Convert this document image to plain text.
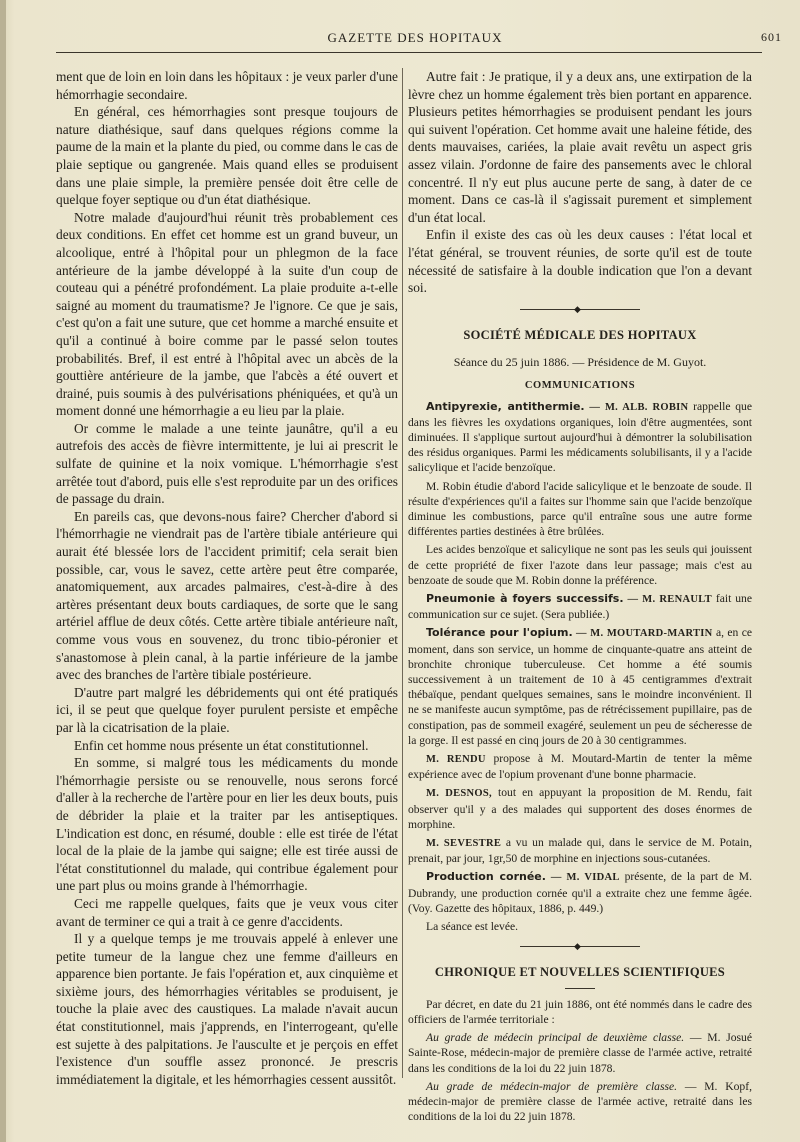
GAZETTE DES HOPITAUX	601

ment que de loin en loin dans les hôpitaux : je veux parler d'une hémorrhagie secondaire.

En général, ces hémorrhagies sont presque toujours de nature diathésique, sauf dans quelques régions comme la paume de la main et la plante du pied, ou comme dans le cas de plaie septique ou gangrenée. Mais quand elles se produisent dans une plaie simple, la première pensée doit être celle de quelque foyer septique ou d'un état diathésique.

Notre malade d'aujourd'hui réunit très probablement ces deux conditions. En effet cet homme est un grand buveur, un alcoolique, entré à l'hôpital pour un phlegmon de la face antérieure de la jambe développé à la suite d'un coup de couteau qui a pénétré profondément. La plaie produite a-t-elle saigné au moment du traumatisme? Je l'ignore. Ce que je sais, c'est qu'on a fait une suture, que cet homme a marché ensuite et qu'il a continué à boire comme par le passé selon toutes probabilités. Bref, il est entré à l'hôpital avec un abcès de la gouttière antérieure de la jambe, que l'abcès a été ouvert et drainé, puis soumis à des pulvérisations phéniquées, et qu'à un moment donné une hémorrhagie a eu lieu par la plaie.

Or comme le malade a une teinte jaunâtre, qu'il a eu autrefois des accès de fièvre intermittente, je lui ai prescrit le sulfate de quinine et la noix vomique. L'hémorrhagie s'est arrêtée tout d'abord, puis elle s'est reproduite par un des orifices de passage du drain.

En pareils cas, que devons-nous faire? Chercher d'abord si l'hémorrhagie ne viendrait pas de l'artère tibiale antérieure qui aurait été blessée lors de l'accident primitif; cela serait bien possible, car, vous le savez, cette artère peut être comparée, anatomiquement, aux arcades palmaires, c'est-à-dire à des artères présentant deux bouts cardiaques, de sorte que le sang artériel afflue de deux côtés. Cette artère tibiale antérieure naît, comme vous vous en souvenez, du tronc tibio-péronier et s'anastomose à plein canal, à la partie inférieure de la jambe avec des branches de l'artère tibiale postérieure.

D'autre part malgré les débridements qui ont été pratiqués ici, il se peut que quelque foyer purulent persiste et empêche par là la cicatrisation de la plaie.

Enfin cet homme nous présente un état constitutionnel.

En somme, si malgré tous les médicaments du monde l'hémorrhagie persiste ou se renouvelle, nous serons forcé d'aller à la recherche de l'artère pour en lier les deux bouts, puis de débrider la plaie et la traiter par les antiseptiques. L'indication est donc, en résumé, double : elle est tirée de l'état local de la plaie de la jambe qui saigne; elle est tirée aussi de l'état constitutionnel du malade, qui contribue également pour une part plus ou moins grande à l'hémorrhagie.

Ceci me rappelle quelques, faits que je veux vous citer avant de terminer ce qui a trait à ce genre d'accidents.

Il y a quelque temps je me trouvais appelé à enlever une petite tumeur de la langue chez une femme d'ailleurs en apparence bien portante. Je fais l'opération et, aux cinquième et sixième jours, des hémorrhagies véritables se produisent, je touche la plaie avec des caustiques. La malade n'avait aucun état constitutionnel, mais j'apprends, en l'interrogeant, qu'elle est sujette à des palpitations. Je l'ausculte et je perçois en effet l'existence d'un souffle assez prononcé. Je prescris immédiatement la digitale, et les hémorrhagies cessent aussitôt.

Autre fait : Je pratique, il y a deux ans, une extirpation de la lèvre chez un homme également très bien portant en apparence. Plusieurs petites hémorrhagies se produisent pendant les jours qui suivent l'opération. Cet homme avait une haleine fétide, des dents mauvaises, cariées, la plaie avait revêtu un aspect gris assez vilain. J'ordonne de faire des pansements avec le chloral concentré. Il n'y eut plus aucune perte de sang, à dater de ce moment. Dans ce cas-là il s'agissait purement et simplement d'un état local.

Enfin il existe des cas où les deux causes : l'état local et l'état général, se trouvent réunies, de sorte qu'il est de toute nécessité de satisfaire à la double indication que l'on a devant soi.

◆
SOCIÉTÉ MÉDICALE DES HOPITAUX
Séance du 25 juin 1886. — Présidence de M. Guyot.
COMMUNICATIONS

Antipyrexie, antithermie. — M. ALB. ROBIN rappelle que dans les fièvres les oxydations organiques, loin d'être augmentées, sont diminuées. Il s'applique surtout aujourd'hui à démontrer la solubilisation des résidus organiques. Parmi les médicaments solubilisants, il y a l'acide salicylique et l'acide benzoïque.

M. Robin étudie d'abord l'acide salicylique et le benzoate de soude. Il résulte d'expériences qu'il a faites sur l'homme sain que l'acide benzoïque diminue les combustions, parce qu'il entraîne sous une autre forme différentes parties destinées à être brûlées.

Les acides benzoïque et salicylique ne sont pas les seuls qui jouissent de cette propriété de fixer l'azote dans leur passage; mais c'est au benzoate de soude que M. Robin donne la préférence.

Pneumonie à foyers successifs. — M. RENAULT fait une communication sur ce sujet. (Sera publiée.)

Tolérance pour l'opium. — M. MOUTARD-MARTIN a, en ce moment, dans son service, un homme de cinquante-quatre ans atteint de bronchite chronique tuberculeuse. Cet homme a été soumis successivement à un traitement de 10 à 45 centigrammes d'extrait thébaïque, pendant quelques semaines, sans le moindre inconvénient. Il ne se manifeste aucun symptôme, pas de rétrécissement pupillaire, pas de constipation, pas de sommeil exagéré, seulement un peu de sécheresse de la gorge. Il est passé en cinq jours de 20 à 30 centigrammes.

M. RENDU propose à M. Moutard-Martin de tenter la même expérience avec de l'opium provenant d'une bonne pharmacie.

M. DESNOS, tout en appuyant la proposition de M. Rendu, fait observer qu'il y a des malades qui supportent des doses énormes de morphine.

M. SEVESTRE a vu un malade qui, dans le service de M. Potain, prenait, par jour, 1gr,50 de morphine en injections sous-cutanées.

Production cornée. — M. VIDAL présente, de la part de M. Dubrandy, une production cornée qu'il a extraite chez une femme âgée. (Voy. Gazette des hôpitaux, 1886, p. 449.)

La séance est levée.

◆
CHRONIQUE ET NOUVELLES SCIENTIFIQUES

Par décret, en date du 21 juin 1886, ont été nommés dans le cadre des officiers de l'armée territoriale :

Au grade de médecin principal de deuxième classe. — M. Josué Sainte-Rose, médecin-major de première classe de l'armée active, retraité dans les conditions de la loi du 22 juin 1878.

Au grade de médecin-major de première classe. — M. Kopf, médecin-major de première classe de l'armée active, retraité dans les conditions de la loi du 22 juin 1878.
